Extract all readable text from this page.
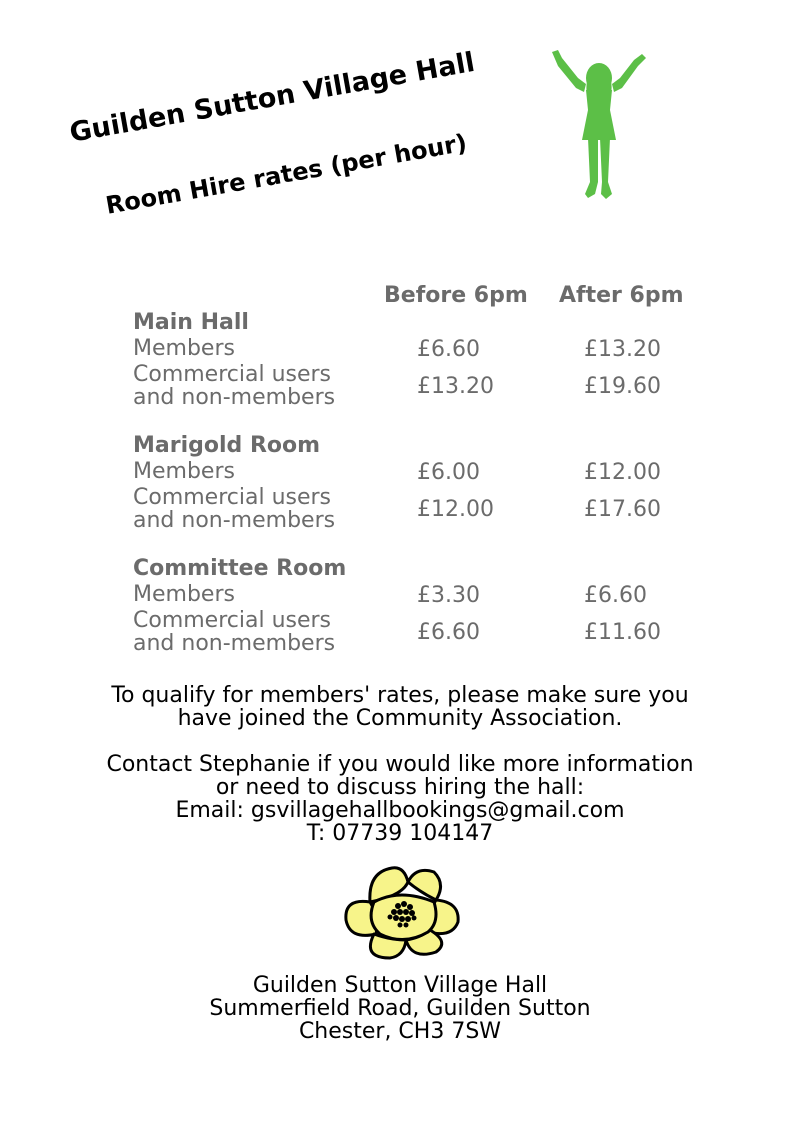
Guilden Sutton Village Hall
Room Hire rates (per hour)
Before 6pm After 6pm
Main Hall
Members	£6.60	£13.20
Commercial users
and non-members	£13.20	£19.60
Marigold Room
Members	£6.00	£12.00
Commercial users
and non-members	£12.00	£17.60
Committee Room
Members	£3.30	£6.60
Commercial users
and non-members	£6.60	£11.60
To qualify for members' rates, please make sure you
have joined the Community Association.
Contact Stephanie if you would like more information
or need to discuss hiring the hall:
Email: gsvillagehallbookings@gmail.com
T: 07739 104147
Guilden Sutton Village Hall
Summerfield Road, Guilden Sutton
Chester, CH3 7SW
